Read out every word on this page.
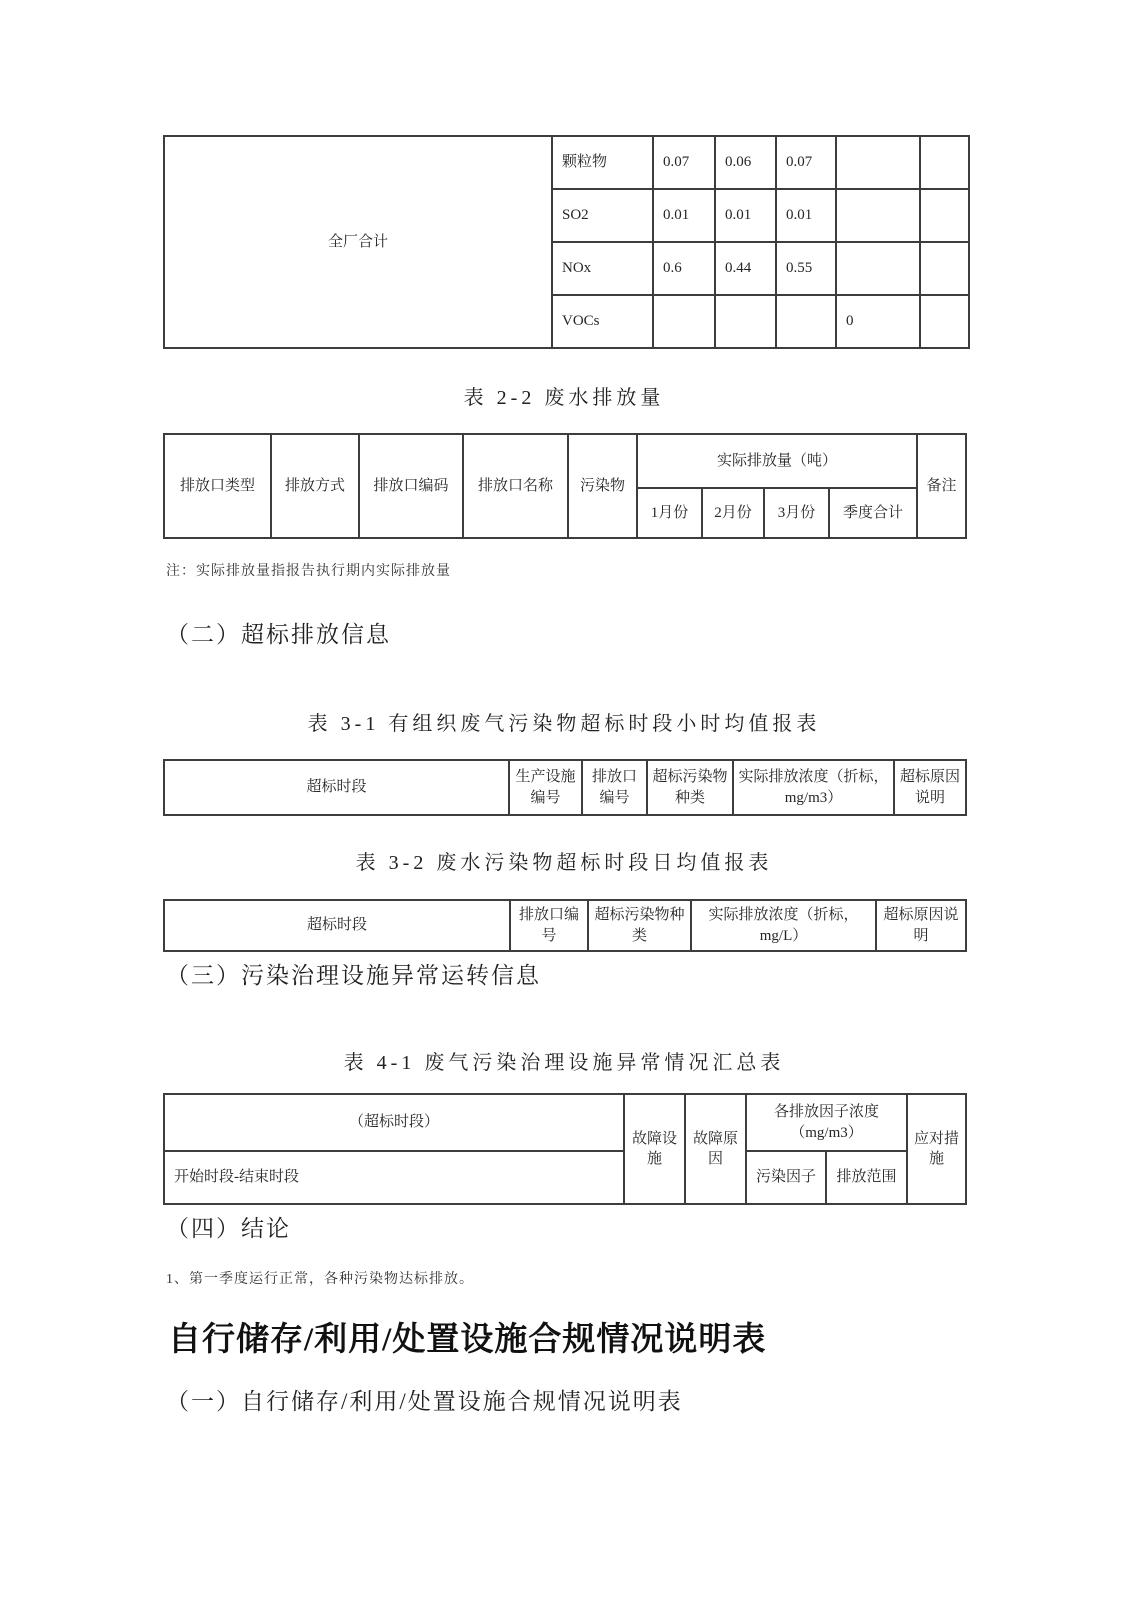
全厂合计	颗粒物	0.07	0.06	0.07		
	SO2	0.01	0.01	0.01		
	NOx	0.6	0.44	0.55		
	VOCs				0	
表 2-2 废水排放量
排放口类型	排放方式	排放口编码	排放口名称	污染物	实际排放量（吨）				备注
					1月份	2月份	3月份	季度合计	
注：实际排放量指报告执行期内实际排放量
（二）超标排放信息
表 3-1 有组织废气污染物超标时段小时均值报表
超标时段	生产设施编号	排放口编号	超标污染物种类	实际排放浓度（折标，mg/m3）	超标原因说明
表 3-2 废水污染物超标时段日均值报表
超标时段	排放口编号	超标污染物种类	实际排放浓度（折标，mg/L）	超标原因说明
（三）污染治理设施异常运转信息
表 4-1 废气污染治理设施异常情况汇总表
（超标时段）	故障设施	故障原因	各排放因子浓度（mg/m3）		应对措施
开始时段-结束时段			污染因子	排放范围	
（四）结论
1、第一季度运行正常，各种污染物达标排放。
自行储存/利用/处置设施合规情况说明表
（一）自行储存/利用/处置设施合规情况说明表
